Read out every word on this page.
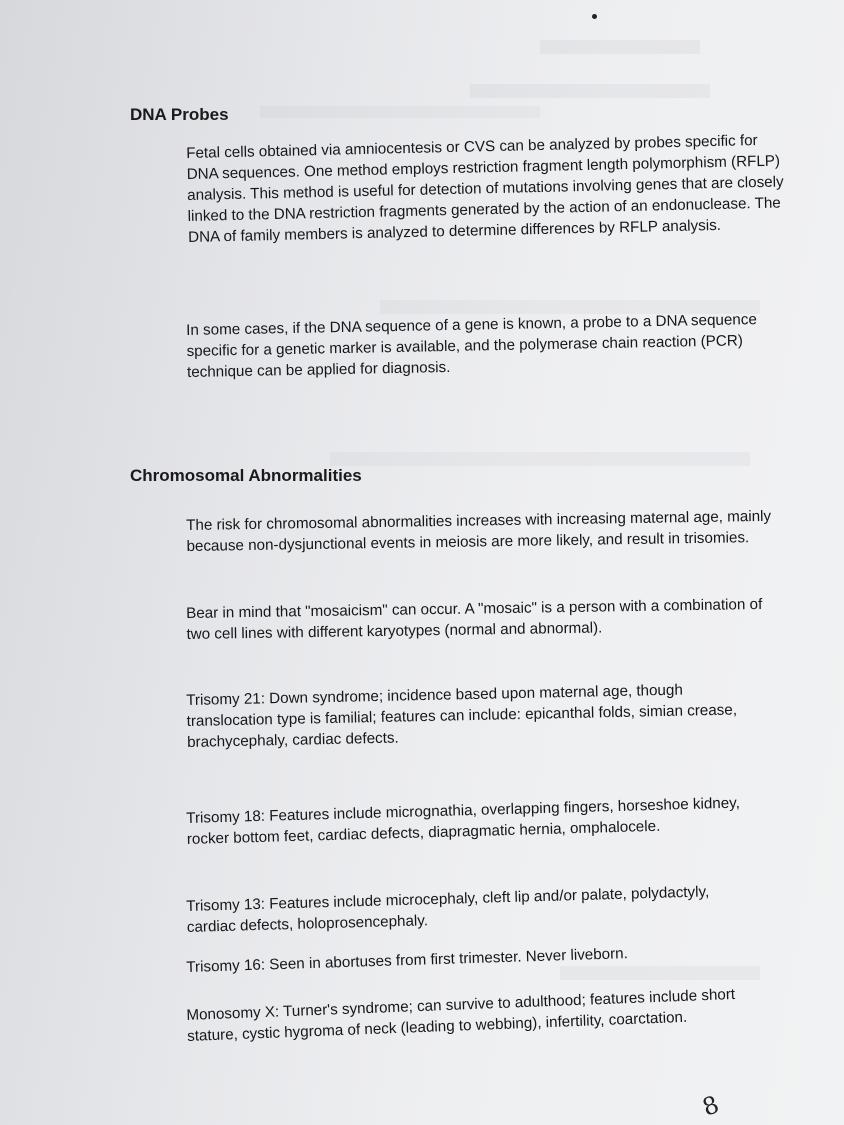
DNA Probes
Fetal cells obtained via amniocentesis or CVS can be analyzed by probes specific for DNA sequences. One method employs restriction fragment length polymorphism (RFLP) analysis. This method is useful for detection of mutations involving genes that are closely linked to the DNA restriction fragments generated by the action of an endonuclease. The DNA of family members is analyzed to determine differences by RFLP analysis.
In some cases, if the DNA sequence of a gene is known, a probe to a DNA sequence specific for a genetic marker is available, and the polymerase chain reaction (PCR) technique can be applied for diagnosis.
Chromosomal Abnormalities
The risk for chromosomal abnormalities increases with increasing maternal age, mainly because non-dysjunctional events in meiosis are more likely, and result in trisomies.
Bear in mind that "mosaicism" can occur. A "mosaic" is a person with a combination of two cell lines with different karyotypes (normal and abnormal).
Trisomy 21: Down syndrome; incidence based upon maternal age, though translocation type is familial; features can include: epicanthal folds, simian crease, brachycephaly, cardiac defects.
Trisomy 18: Features include micrognathia, overlapping fingers, horseshoe kidney, rocker bottom feet, cardiac defects, diapragmatic hernia, omphalocele.
Trisomy 13: Features include microcephaly, cleft lip and/or palate, polydactyly, cardiac defects, holoprosencephaly.
Trisomy 16: Seen in abortuses from first trimester. Never liveborn.
Monosomy X: Turner's syndrome; can survive to adulthood; features include short stature, cystic hygroma of neck (leading to webbing), infertility, coarctation.
8
